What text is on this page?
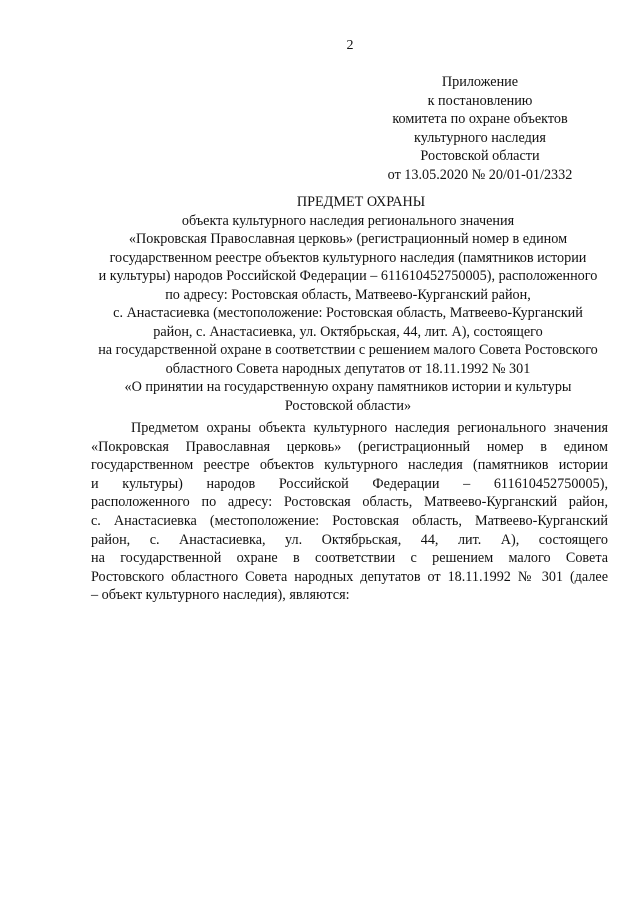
2
Приложение
к постановлению
комитета по охране объектов
культурного наследия
Ростовской области
от 13.05.2020 № 20/01-01/2332
ПРЕДМЕТ ОХРАНЫ
объекта культурного наследия регионального значения
«Покровская Православная церковь» (регистрационный номер в едином
государственном реестре объектов культурного наследия (памятников истории
и культуры) народов Российской Федерации – 611610452750005), расположенного
по адресу: Ростовская область, Матвеево-Курганский район,
с. Анастасиевка (местоположение: Ростовская область, Матвеево-Курганский
район, с. Анастасиевка, ул. Октябрьская, 44, лит. А), состоящего
на государственной охране в соответствии с решением малого Совета Ростовского
областного Совета народных депутатов от 18.11.1992 № 301
«О принятии на государственную охрану памятников истории и культуры
Ростовской области»
Предметом охраны объекта культурного наследия регионального значения
«Покровская Православная церковь» (регистрационный номер в едином
государственном реестре объектов культурного наследия (памятников истории
и культуры) народов Российской Федерации – 611610452750005),
расположенного по адресу: Ростовская область, Матвеево-Курганский район,
с. Анастасиевка (местоположение: Ростовская область, Матвеево-Курганский
район, с. Анастасиевка, ул. Октябрьская, 44, лит. А), состоящего
на государственной охране в соответствии с решением малого Совета
Ростовского областного Совета народных депутатов от 18.11.1992 № 301 (далее
– объект культурного наследия), являются:
